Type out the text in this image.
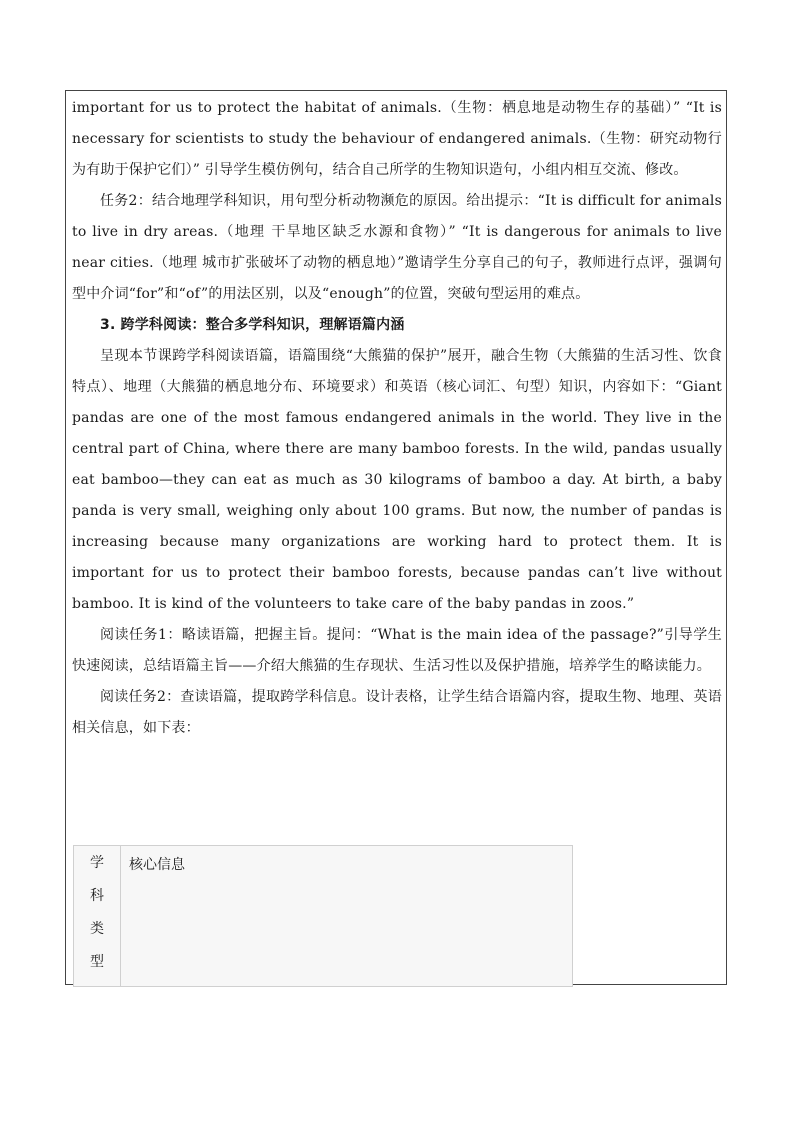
important for us to protect the habitat of animals.（生物：栖息地是动物生存的基础）” “It is necessary for scientists to study the behaviour of endangered animals.（生物：研究动物行为有助于保护它们）” 引导学生模仿例句，结合自己所学的生物知识造句，小组内相互交流、修改。

任务2：结合地理学科知识，用句型分析动物濒危的原因。给出提示：“It is difficult for animals to live in dry areas.（地理 干旱地区缺乏水源和食物）” “It is dangerous for animals to live near cities.（地理 城市扩张破坏了动物的栖息地）”邀请学生分享自己的句子，教师进行点评，强调句型中介词“for”和“of”的用法区别，以及“enough”的位置，突破句型运用的难点。

3. 跨学科阅读：整合多学科知识，理解语篇内涵

呈现本节课跨学科阅读语篇，语篇围绕“大熊猫的保护”展开，融合生物（大熊猫的生活习性、饮食特点）、地理（大熊猫的栖息地分布、环境要求）和英语（核心词汇、句型）知识，内容如下：“Giant pandas are one of the most famous endangered animals in the world. They live in the central part of China, where there are many bamboo forests. In the wild, pandas usually eat bamboo—they can eat as much as 30 kilograms of bamboo a day. At birth, a baby panda is very small, weighing only about 100 grams. But now, the number of pandas is increasing because many organizations are working hard to protect them. It is important for us to protect their bamboo forests, because pandas can’t live without bamboo. It is kind of the volunteers to take care of the baby pandas in zoos.”

阅读任务1：略读语篇，把握主旨。提问：“What is the main idea of the passage?”引导学生快速阅读，总结语篇主旨——介绍大熊猫的生存现状、生活习性以及保护措施，培养学生的略读能力。

阅读任务2：查读语篇，提取跨学科信息。设计表格，让学生结合语篇内容，提取生物、地理、英语相关信息，如下表：

学
科
类
型
	核心信息
